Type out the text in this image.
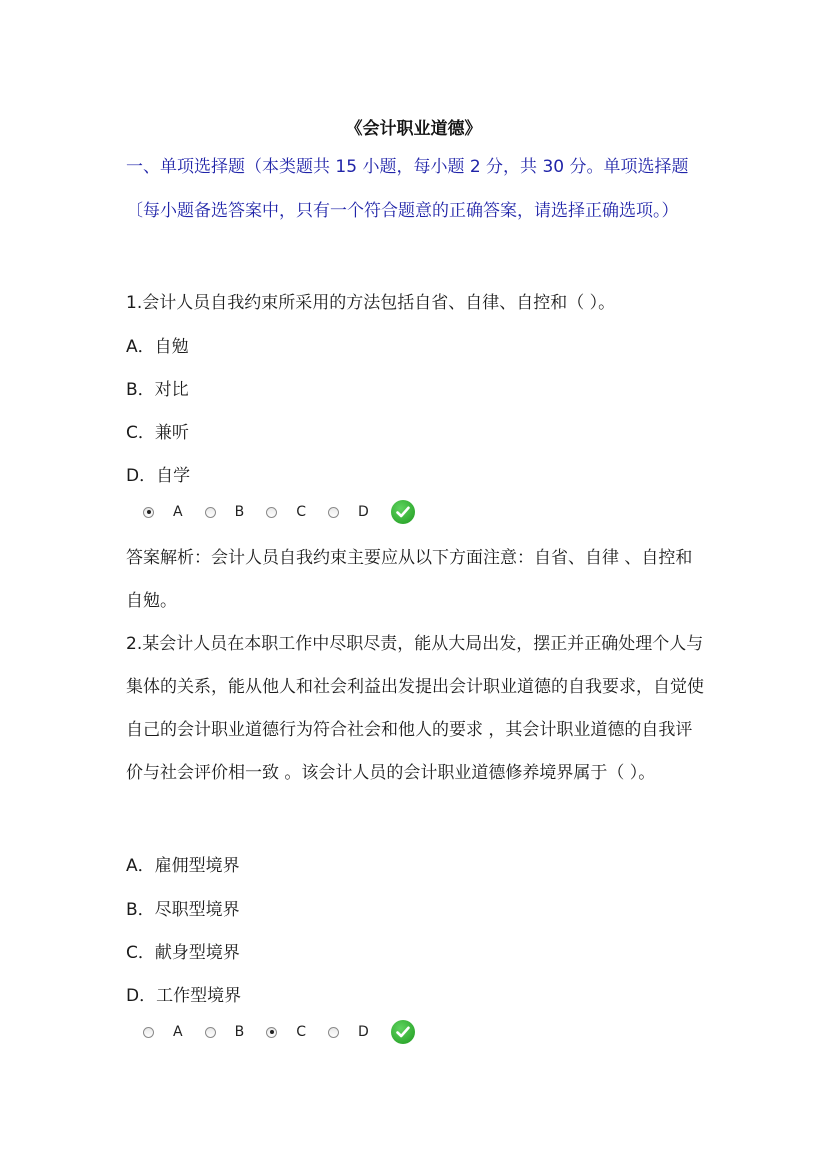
《会计职业道德》
一、单项选择题（本类题共 15 小题，每小题 2 分，共 30 分。单项选择题〔每小题备选答案中，只有一个符合题意的正确答案，请选择正确选项。）
1.会计人员自我约束所采用的方法包括自省、自律、自控和（ ）。
A．自勉
B．对比
C．兼听
D．自学
A	B	C	D
答案解析：会计人员自我约束主要应从以下方面注意：自省、自律 、自控和自勉。
2.某会计人员在本职工作中尽职尽责，能从大局出发，摆正并正确处理个人与集体的关系，能从他人和社会利益出发提出会计职业道德的自我要求，自觉使自己的会计职业道德行为符合社会和他人的要求 ，其会计职业道德的自我评价与社会评价相一致 。该会计人员的会计职业道德修养境界属于（ ）。
A．雇佣型境界
B．尽职型境界
C．献身型境界
D．工作型境界
A	B	C	D
